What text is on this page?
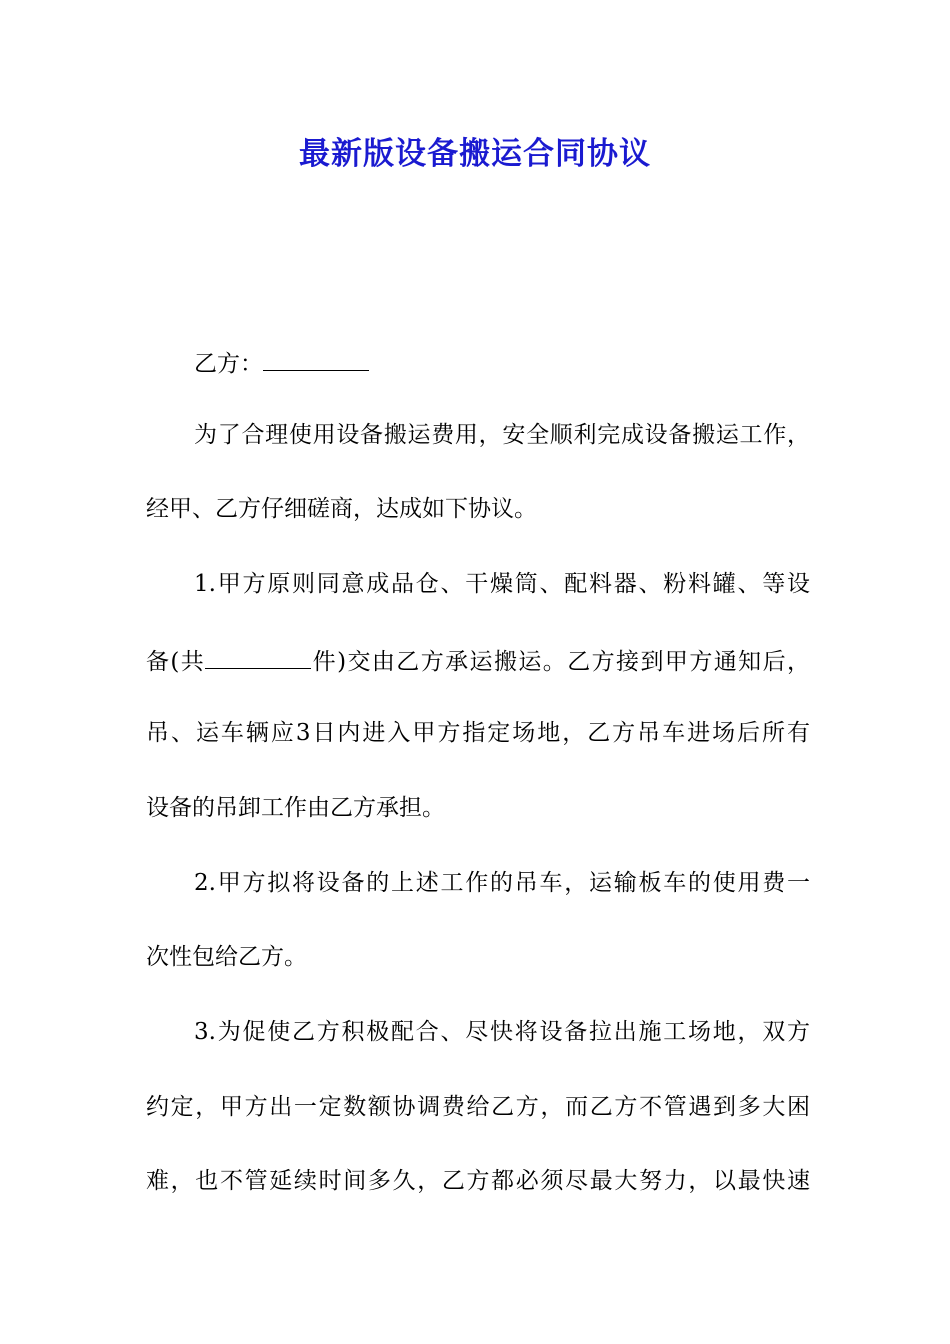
最新版设备搬运合同协议
乙方：
为了合理使用设备搬运费用，安全顺利完成设备搬运工作，
经甲、乙方仔细磋商，达成如下协议。
1.甲方原则同意成品仓、干燥筒、配料器、粉料罐、等设
备(共	件)交由乙方承运搬运。乙方接到甲方通知后，
吊、运车辆应3日内进入甲方指定场地，乙方吊车进场后所有
设备的吊卸工作由乙方承担。
2.甲方拟将设备的上述工作的吊车，运输板车的使用费一
次性包给乙方。
3.为促使乙方积极配合、尽快将设备拉出施工场地，双方
约定，甲方出一定数额协调费给乙方，而乙方不管遇到多大困
难，也不管延续时间多久，乙方都必须尽最大努力，以最快速
